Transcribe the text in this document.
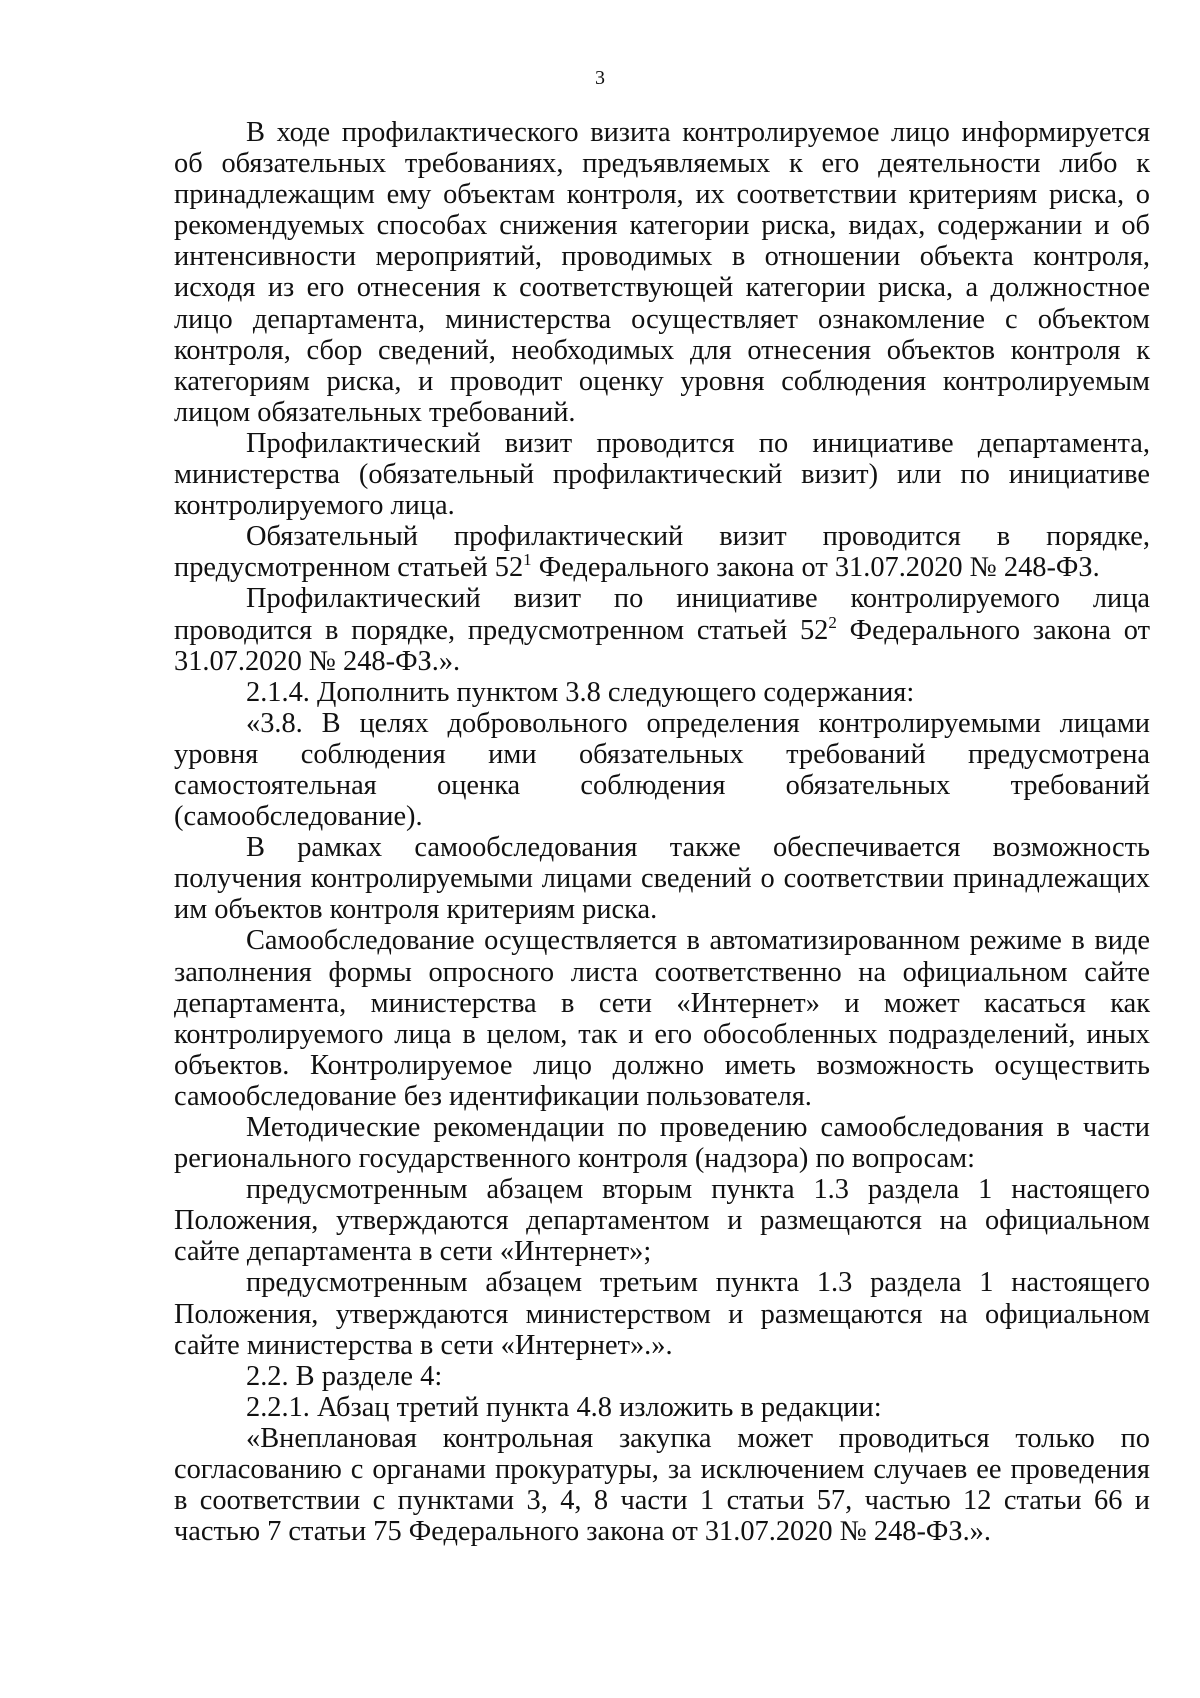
3

В ходе профилактического визита контролируемое лицо информируется об обязательных требованиях, предъявляемых к его деятельности либо к принадлежащим ему объектам контроля, их соответствии критериям риска, о рекомендуемых способах снижения категории риска, видах, содержании и об интенсивности мероприятий, проводимых в отношении объекта контроля, исходя из его отнесения к соответствующей категории риска, а должностное лицо департамента, министерства осуществляет ознакомление с объектом контроля, сбор сведений, необходимых для отнесения объектов контроля к категориям риска, и проводит оценку уровня соблюдения контролируемым лицом обязательных требований.

Профилактический визит проводится по инициативе департамента, министерства (обязательный профилактический визит) или по инициативе контролируемого лица.

Обязательный профилактический визит проводится в порядке, предусмотренном статьей $52^1$ Федерального закона от 31.07.2020 № 248-ФЗ.

Профилактический визит по инициативе контролируемого лица проводится в порядке, предусмотренном статьей $52^2$ Федерального закона от 31.07.2020 № 248-ФЗ.».

2.1.4. Дополнить пунктом 3.8 следующего содержания:

«3.8. В целях добровольного определения контролируемыми лицами уровня соблюдения ими обязательных требований предусмотрена самостоятельная оценка соблюдения обязательных требований (самообследование).

В рамках самообследования также обеспечивается возможность получения контролируемыми лицами сведений о соответствии принадлежащих им объектов контроля критериям риска.

Самообследование осуществляется в автоматизированном режиме в виде заполнения формы опросного листа соответственно на официальном сайте департамента, министерства в сети «Интернет» и может касаться как контролируемого лица в целом, так и его обособленных подразделений, иных объектов. Контролируемое лицо должно иметь возможность осуществить самообследование без идентификации пользователя.

Методические рекомендации по проведению самообследования в части регионального государственного контроля (надзора) по вопросам:

предусмотренным абзацем вторым пункта 1.3 раздела 1 настоящего Положения, утверждаются департаментом и размещаются на официальном сайте департамента в сети «Интернет»;

предусмотренным абзацем третьим пункта 1.3 раздела 1 настоящего Положения, утверждаются министерством и размещаются на официальном сайте министерства в сети «Интернет».».

2.2. В разделе 4:

2.2.1. Абзац третий пункта 4.8 изложить в редакции:

«Внеплановая контрольная закупка может проводиться только по согласованию с органами прокуратуры, за исключением случаев ее проведения в соответствии с пунктами 3, 4, 8 части 1 статьи 57, частью 12 статьи 66 и частью 7 статьи 75 Федерального закона от 31.07.2020 № 248-ФЗ.».
